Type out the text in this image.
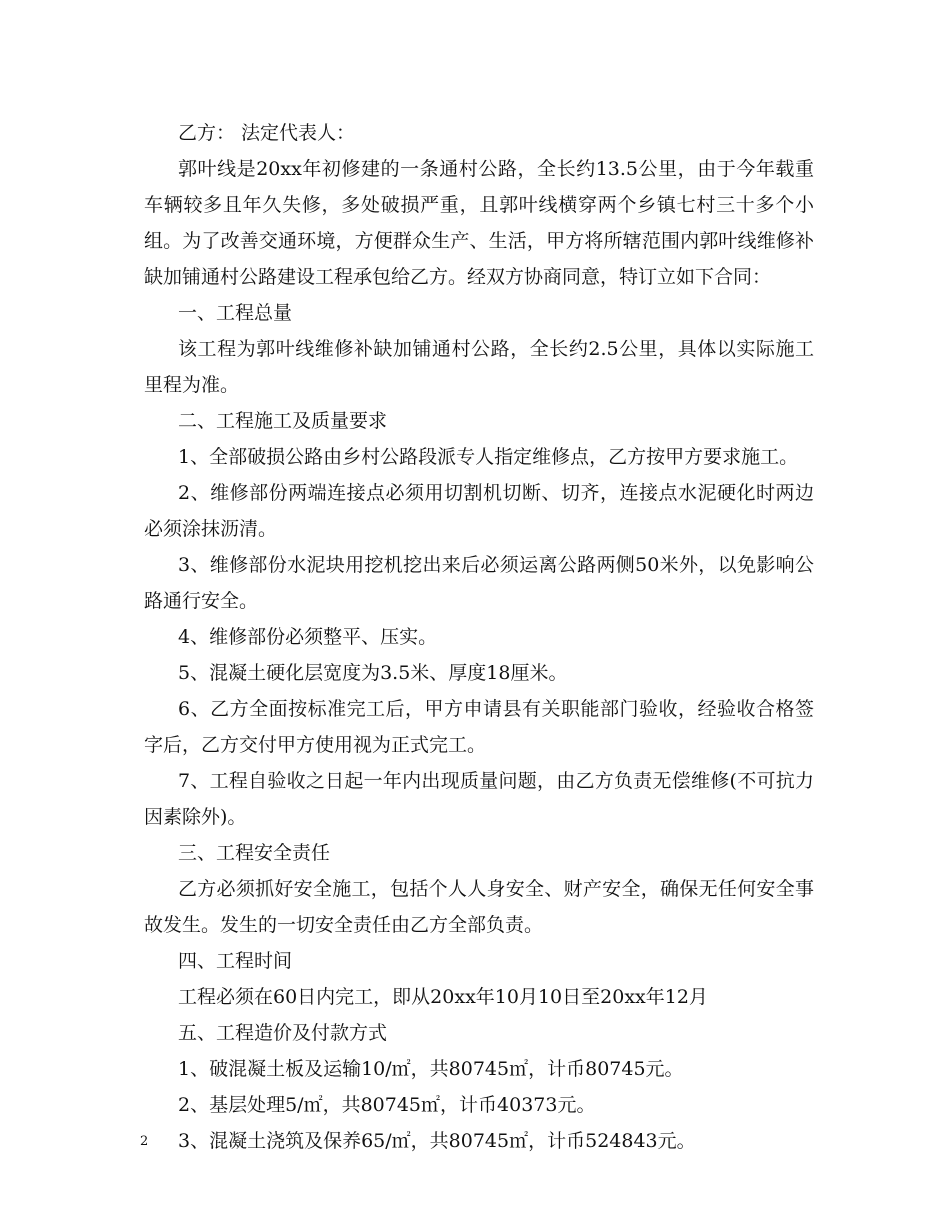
乙方： 法定代表人：

郭叶线是20xx年初修建的一条通村公路，全长约13.5公里，由于今年载重车辆较多且年久失修，多处破损严重，且郭叶线横穿两个乡镇七村三十多个小组。为了改善交通环境，方便群众生产、生活，甲方将所辖范围内郭叶线维修补缺加铺通村公路建设工程承包给乙方。经双方协商同意，特订立如下合同：

一、工程总量

该工程为郭叶线维修补缺加铺通村公路，全长约2.5公里，具体以实际施工里程为准。

二、工程施工及质量要求

1、全部破损公路由乡村公路段派专人指定维修点，乙方按甲方要求施工。

2、维修部份两端连接点必须用切割机切断、切齐，连接点水泥硬化时两边必须涂抹沥清。

3、维修部份水泥块用挖机挖出来后必须运离公路两侧50米外，以免影响公路通行安全。

4、维修部份必须整平、压实。

5、混凝土硬化层宽度为3.5米、厚度18厘米。

6、乙方全面按标准完工后，甲方申请县有关职能部门验收，经验收合格签字后，乙方交付甲方使用视为正式完工。

7、工程自验收之日起一年内出现质量问题，由乙方负责无偿维修(不可抗力因素除外)。

三、工程安全责任

乙方必须抓好安全施工，包括个人人身安全、财产安全，确保无任何安全事故发生。发生的一切安全责任由乙方全部负责。

四、工程时间

工程必须在60日内完工，即从20xx年10月10日至20xx年12月

五、工程造价及付款方式

1、破混凝土板及运输10/㎡，共80745㎡，计币80745元。

2、基层处理5/㎡，共80745㎡，计币40373元。

3、混凝土浇筑及保养65/㎡，共80745㎡，计币524843元。

2
